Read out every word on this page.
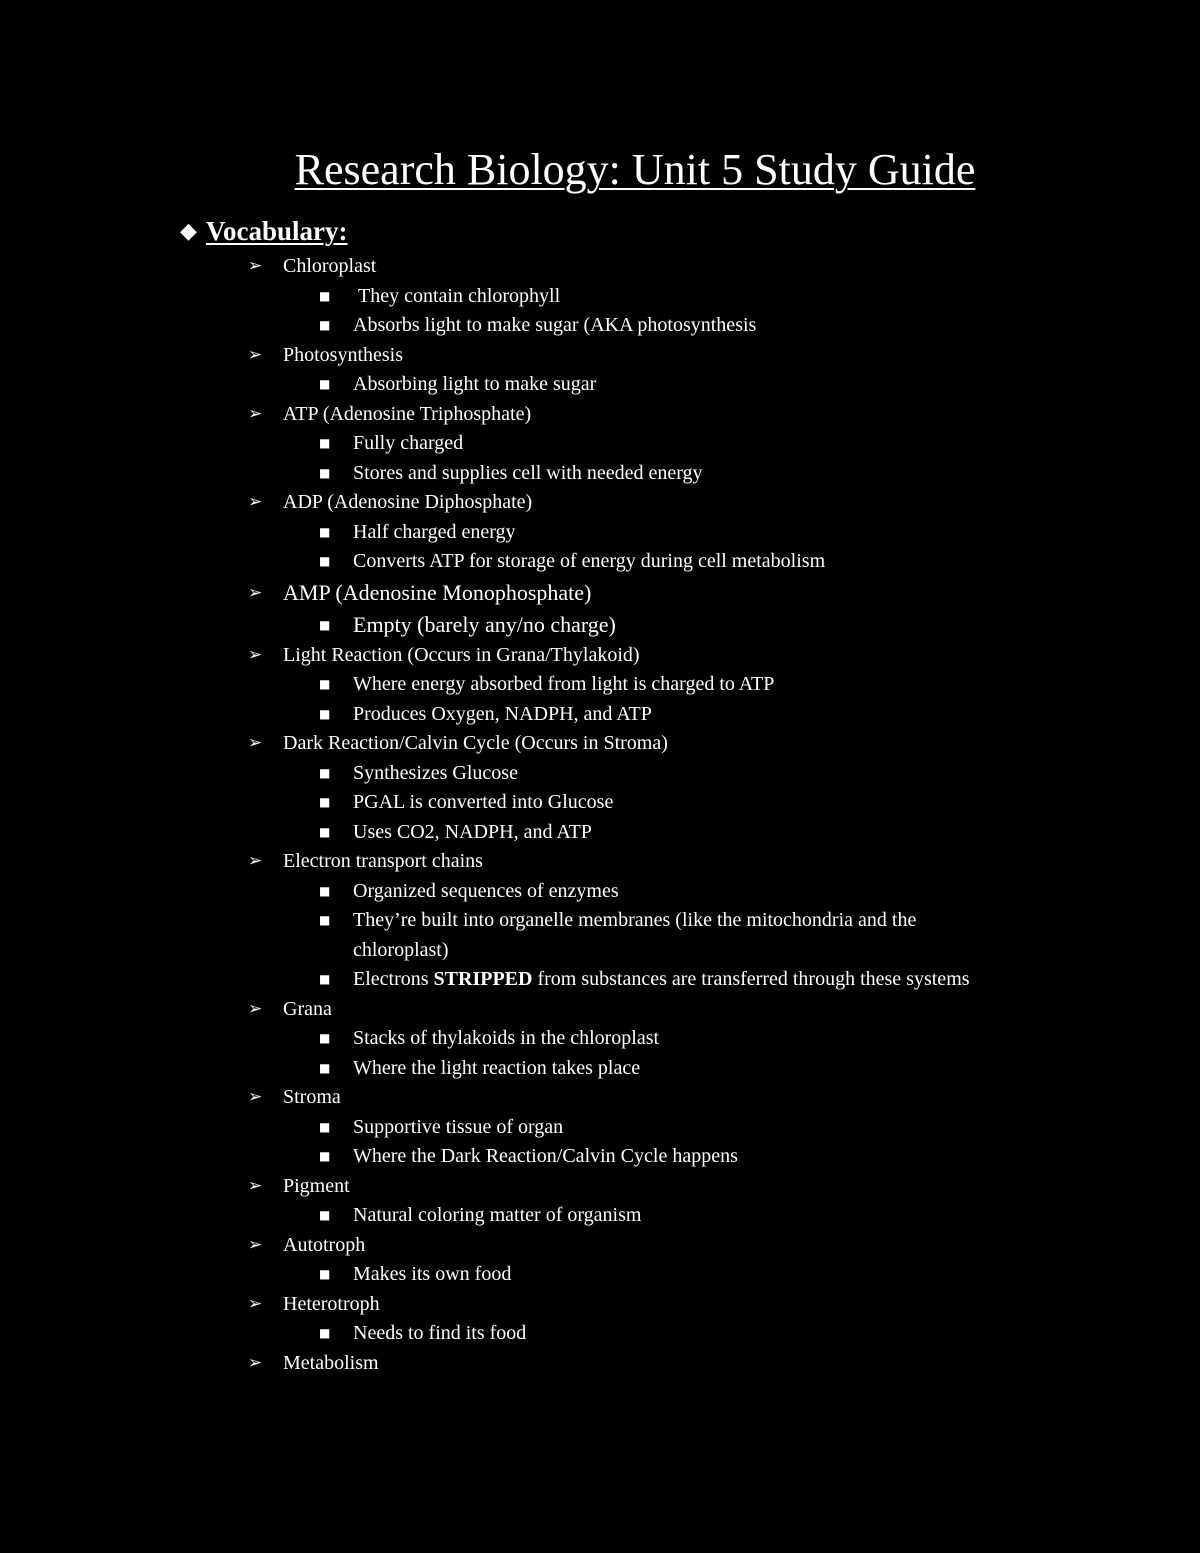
Research Biology: Unit 5 Study Guide
◆ Vocabulary:
➢ Chloroplast
■ They contain chlorophyll
■ Absorbs light to make sugar (AKA photosynthesis
➢ Photosynthesis
■ Absorbing light to make sugar
➢ ATP (Adenosine Triphosphate)
■ Fully charged
■ Stores and supplies cell with needed energy
➢ ADP (Adenosine Diphosphate)
■ Half charged energy
■ Converts ATP for storage of energy during cell metabolism
➢ AMP (Adenosine Monophosphate)
■ Empty (barely any/no charge)
➢ Light Reaction (Occurs in Grana/Thylakoid)
■ Where energy absorbed from light is charged to ATP
■ Produces Oxygen, NADPH, and ATP
➢ Dark Reaction/Calvin Cycle (Occurs in Stroma)
■ Synthesizes Glucose
■ PGAL is converted into Glucose
■ Uses CO2, NADPH, and ATP
➢ Electron transport chains
■ Organized sequences of enzymes
■ They’re built into organelle membranes (like the mitochondria and the chloroplast)
■ Electrons STRIPPED from substances are transferred through these systems
➢ Grana
■ Stacks of thylakoids in the chloroplast
■ Where the light reaction takes place
➢ Stroma
■ Supportive tissue of organ
■ Where the Dark Reaction/Calvin Cycle happens
➢ Pigment
■ Natural coloring matter of organism
➢ Autotroph
■ Makes its own food
➢ Heterotroph
■ Needs to find its food
➢ Metabolism
